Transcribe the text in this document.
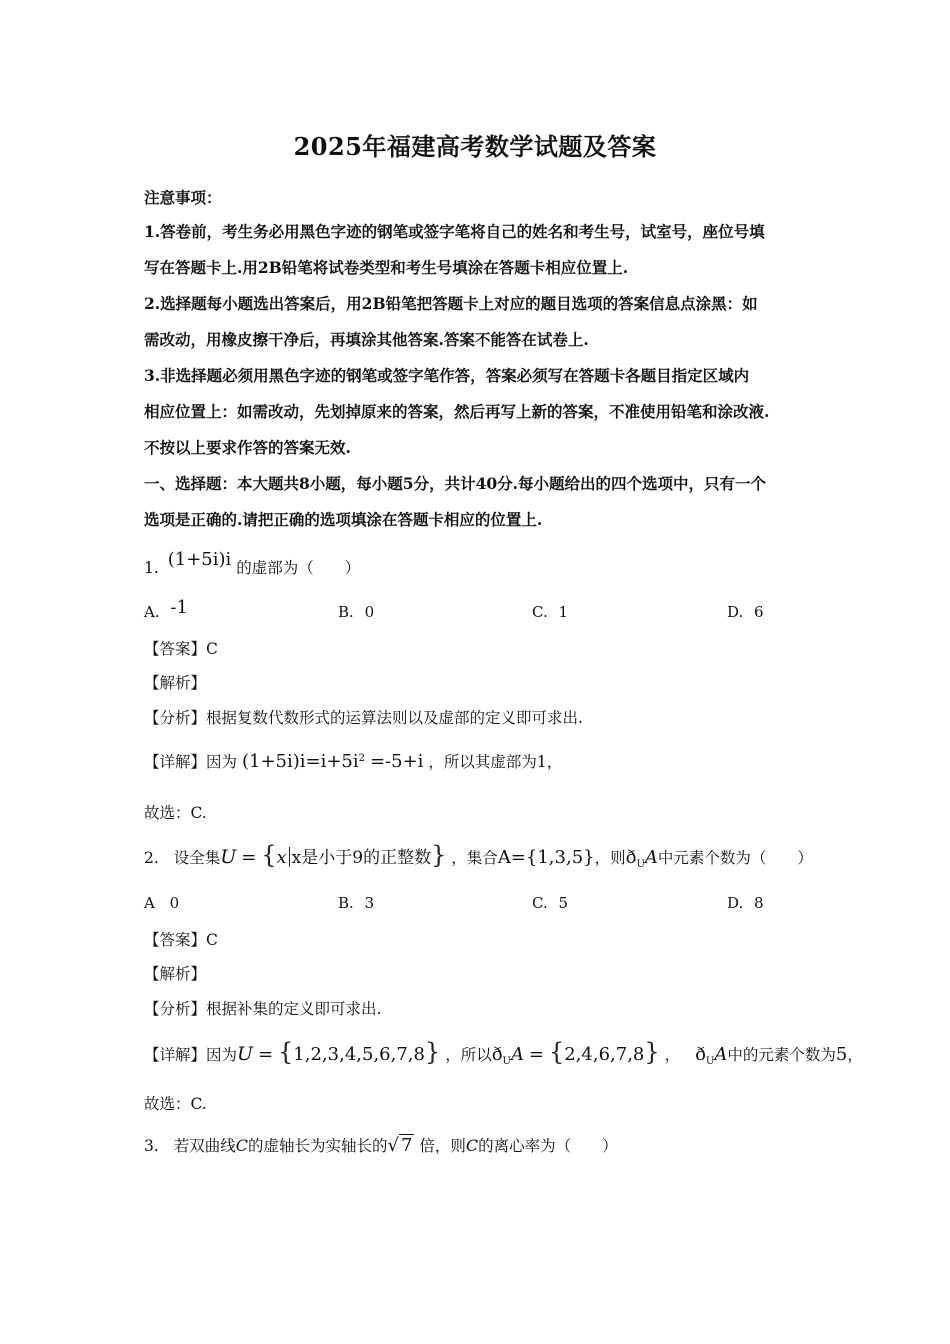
2025年福建高考数学试题及答案
注意事项：
1.答卷前，考生务必用黑色字迹的钢笔或签字笔将自己的姓名和考生号，试室号，座位号填
写在答题卡上.用2B铅笔将试卷类型和考生号填涂在答题卡相应位置上.
2.选择题每小题选出答案后，用2B铅笔把答题卡上对应的题目选项的答案信息点涂黑：如
需改动，用橡皮擦干净后，再填涂其他答案.答案不能答在试卷上.
3.非选择题必须用黑色字迹的钢笔或签字笔作答，答案必须写在答题卡各题目指定区域内
相应位置上：如需改动，先划掉原来的答案，然后再写上新的答案，不准使用铅笔和涂改液.
不按以上要求作答的答案无效.
一、选择题：本大题共8小题，每小题5分，共计40分.每小题给出的四个选项中，只有一个
选项是正确的.请把正确的选项填涂在答题卡相应的位置上.
1. (1+5i)i 的虚部为（　　）
A. -1	B. 0	C. 1	D. 6
【答案】C
【解析】
【分析】根据复数代数形式的运算法则以及虚部的定义即可求出.
【详解】因为 $(1+5i)i=i+5i^2 =-5+i$ ，所以其虚部为1，
故选：C.
2. 设全集U = {x x是小于9的正整数} ，集合A={1,3,5}，则$ð_UA$中元素个数为（　　）
A 0	B. 3	C. 5	D. 8
【答案】C
【解析】
【分析】根据补集的定义即可求出.
【详解】因为U = {1,2,3,4,5,6,7,8} ，所以$ð_UA = \{2,4,6,7,8\}$ ， $ð_UA$中的元素个数为5，
故选：C.
3. 若双曲线C的虚轴长为实轴长的√ 7 倍，则C的离心率为（　　）
